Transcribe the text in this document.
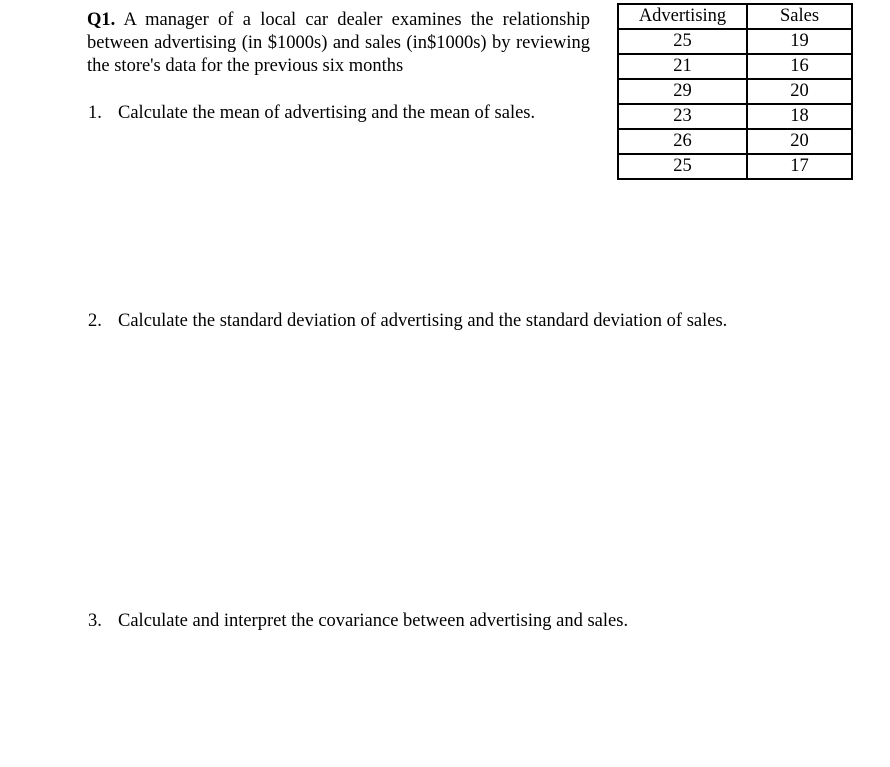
Q1. A manager of a local car dealer examines the relationship between advertising (in $1000s) and sales (in$1000s) by reviewing the store's data for the previous six months
Advertising	Sales
25	19
21	16
29	20
23	18
26	20
25	17
1. Calculate the mean of advertising and the mean of sales.
2. Calculate the standard deviation of advertising and the standard deviation of sales.
3. Calculate and interpret the covariance between advertising and sales.
